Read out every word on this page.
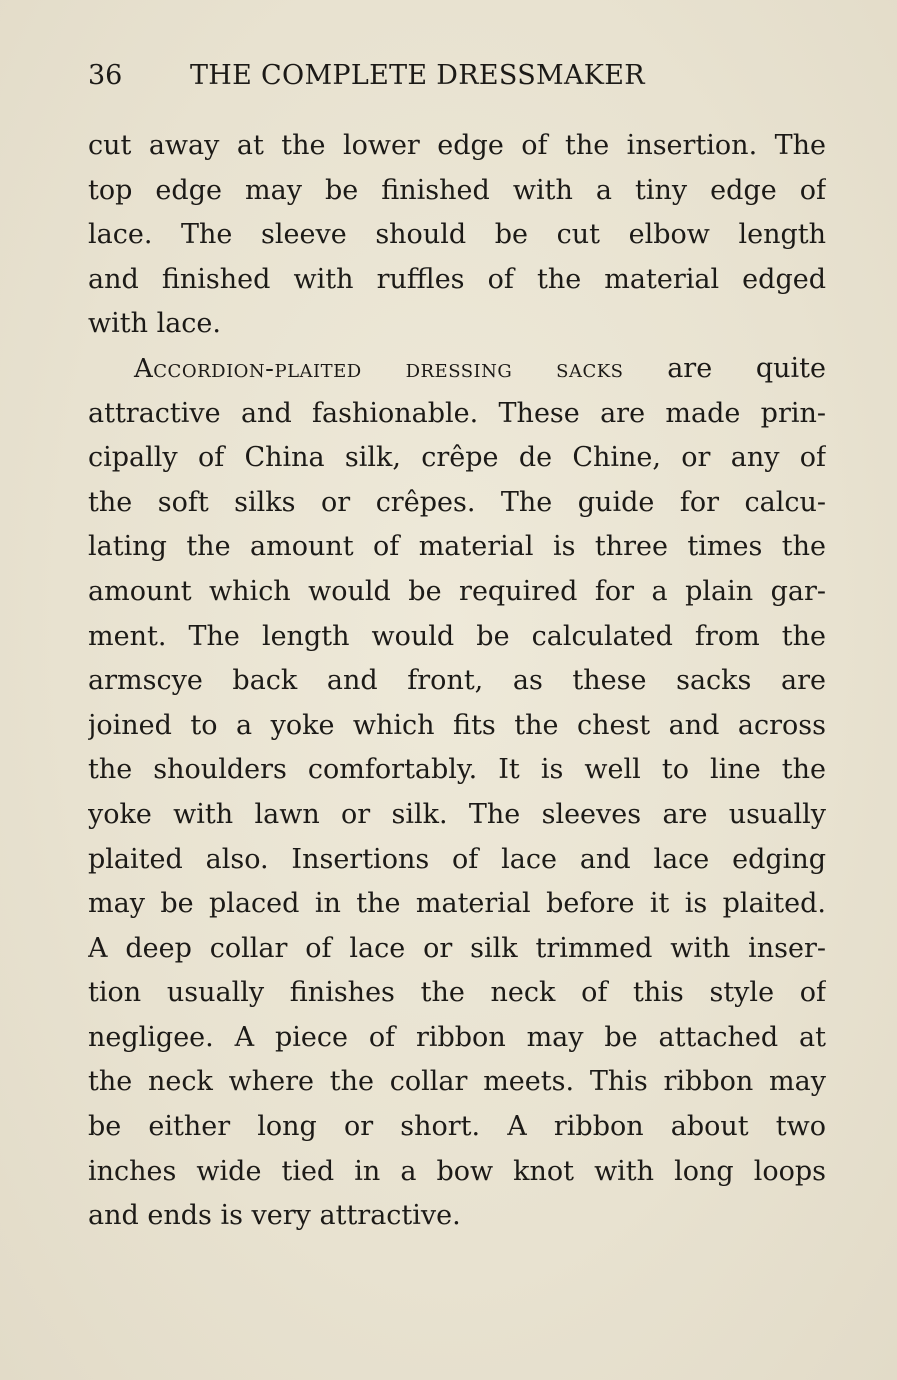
36	THE COMPLETE DRESSMAKER
cut away at the lower edge of the insertion. The
top edge may be finished with a tiny edge of
lace. The sleeve should be cut elbow length
and finished with ruffles of the material edged
with lace.
Accordion-plaited dressing sacks are quite
attractive and fashionable. These are made prin-
cipally of China silk, crêpe de Chine, or any of
the soft silks or crêpes. The guide for calcu-
lating the amount of material is three times the
amount which would be required for a plain gar-
ment. The length would be calculated from the
armscye back and front, as these sacks are
joined to a yoke which fits the chest and across
the shoulders comfortably. It is well to line the
yoke with lawn or silk. The sleeves are usually
plaited also. Insertions of lace and lace edging
may be placed in the material before it is plaited.
A deep collar of lace or silk trimmed with inser-
tion usually finishes the neck of this style of
negligee. A piece of ribbon may be attached at
the neck where the collar meets. This ribbon may
be either long or short. A ribbon about two
inches wide tied in a bow knot with long loops
and ends is very attractive.
